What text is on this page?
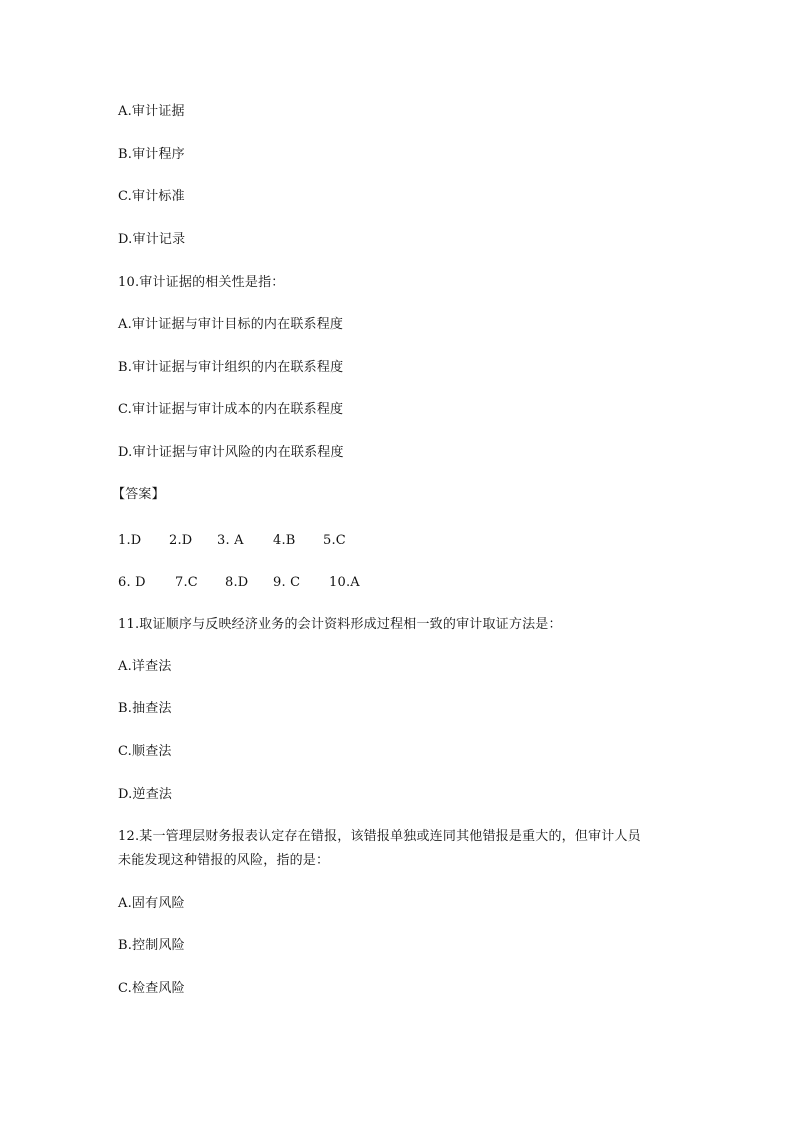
A.审计证据
B.审计程序
C.审计标准
D.审计记录
10.审计证据的相关性是指：
A.审计证据与审计目标的内在联系程度
B.审计证据与审计组织的内在联系程度
C.审计证据与审计成本的内在联系程度
D.审计证据与审计风险的内在联系程度
【答案】
1.D 2.D 3. A 4.B 5.C
6. D 7.C 8.D 9. C 10.A
11.取证顺序与反映经济业务的会计资料形成过程相一致的审计取证方法是：
A.详查法
B.抽查法
C.顺查法
D.逆查法
12.某一管理层财务报表认定存在错报，该错报单独或连同其他错报是重大的，但审计人员
未能发现这种错报的风险，指的是：
A.固有风险
B.控制风险
C.检查风险
